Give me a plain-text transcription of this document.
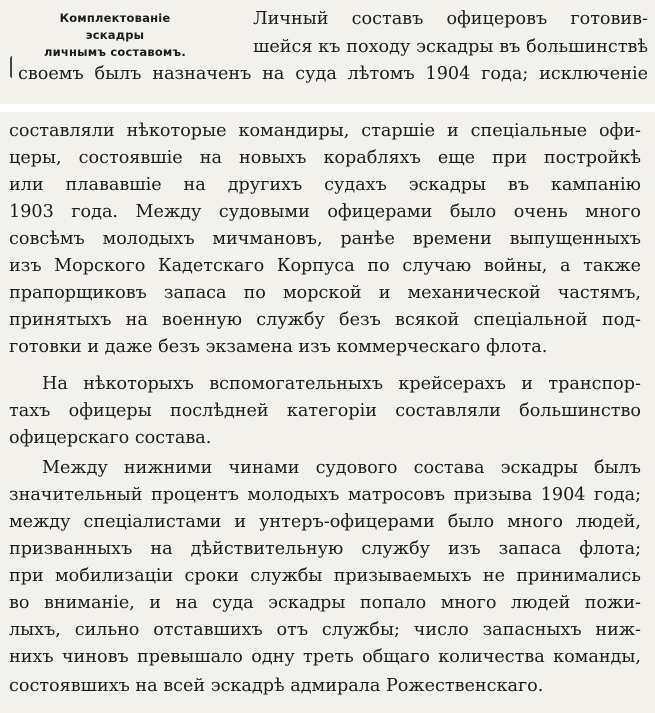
Комплектованіе эскадры
личнымъ составомъ.
Личный составъ офицеровъ готовив-
шейся къ походу эскадры въ большинствѣ
своемъ былъ назначенъ на суда лѣтомъ 1904 года; исключеніе
составляли нѣкоторые командиры, старшіе и спеціальные офи-
церы, состоявшіе на новыхъ корабляхъ еще при постройкѣ
или плававшіе на другихъ судахъ эскадры въ кампанію
1903 года. Между судовыми офицерами было очень много
совсѣмъ молодыхъ мичмановъ, ранѣе времени выпущенныхъ
изъ Морского Кадетскаго Корпуса по случаю войны, а также
прапорщиковъ запаса по морской и механической частямъ,
принятыхъ на военную службу безъ всякой спеціальной под-
готовки и даже безъ экзамена изъ коммерческаго флота.
На нѣкоторыхъ вспомогательныхъ крейсерахъ и транспор-
тахъ офицеры послѣдней категоріи составляли большинство
офицерскаго состава.
Между нижними чинами судового состава эскадры былъ
значительный процентъ молодыхъ матросовъ призыва 1904 года;
между спеціалистами и унтеръ-офицерами было много людей,
призванныхъ на дѣйствительную службу изъ запаса флота;
при мобилизаціи сроки службы призываемыхъ не принимались
во вниманіе, и на суда эскадры попало много людей пожи-
лыхъ, сильно отставшихъ отъ службы; число запасныхъ ниж-
нихъ чиновъ превышало одну треть общаго количества команды,
состоявшихъ на всей эскадрѣ адмирала Рожественскаго.
